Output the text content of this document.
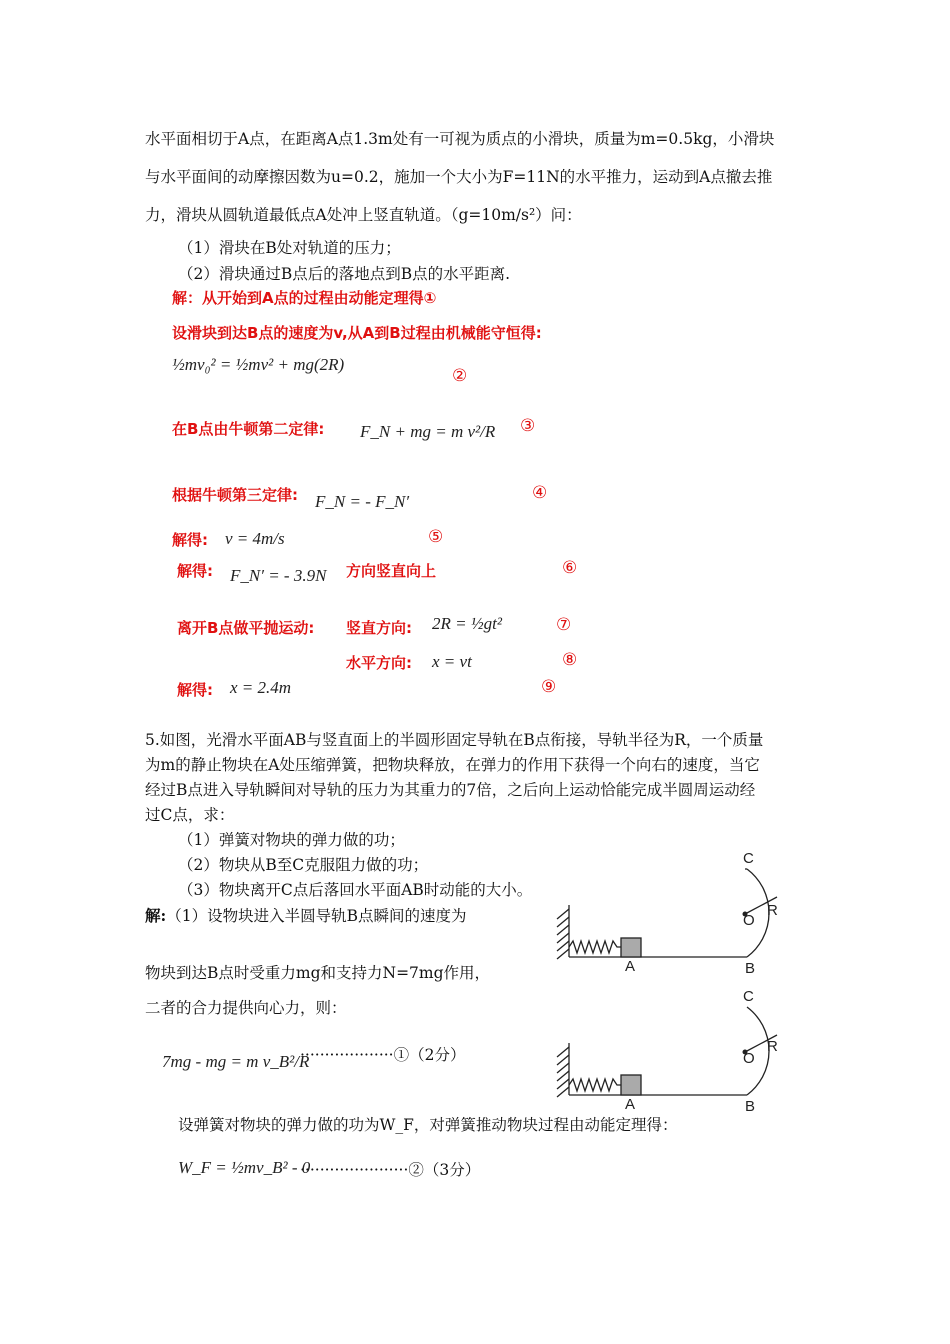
水平面相切于A点，在距离A点1.3m处有一可视为质点的小滑块，质量为m=0.5kg，小滑块
与水平面间的动摩擦因数为u=0.2，施加一个大小为F=11N的水平推力，运动到A点撤去推
力，滑块从圆轨道最低点A处冲上竖直轨道。（g=10m/s²）问：
（1）滑块在B处对轨道的压力；
（2）滑块通过B点后的落地点到B点的水平距离.
解：从开始到A点的过程由动能定理得①
设滑块到达B点的速度为v,从A到B过程由机械能守恒得:
½mv₀² = ½mv² + mg(2R)
②
在B点由牛顿第二定律: F_N + mg = m v²/R ③
根据牛顿第三定律: F_N = - F_N′	④
解得: v = 4m/s	⑤
解得: F_N′ = - 3.9N 方向竖直向上	⑥
离开B点做平抛运动: 竖直方向: 2R = ½gt²	⑦
水平方向: x = vt	⑧
解得: x = 2.4m	⑨
5.如图，光滑水平面AB与竖直面上的半圆形固定导轨在B点衔接，导轨半径为R，一个质量
为m的静止物块在A处压缩弹簧，把物块释放，在弹力的作用下获得一个向右的速度，当它
经过B点进入导轨瞬间对导轨的压力为其重力的7倍，之后向上运动恰能完成半圆周运动经
过C点，求：
（1）弹簧对物块的弹力做的功；
（2）物块从B至C克服阻力做的功；
（3）物块离开C点后落回水平面AB时动能的大小。
解:（1）设物块进入半圆导轨B点瞬间的速度为
物块到达B点时受重力mg和支持力N=7mg作用，
二者的合力提供向心力，则：
7mg - mg = m v_B²/R
···················①（2分）
设弹簧对物块的弹力做的功为W_F，对弹簧推动物块过程由动能定理得：
W_F = ½mv_B² - 0
······················②（3分）
C
R
O
A	B
C
R
O
A	B
